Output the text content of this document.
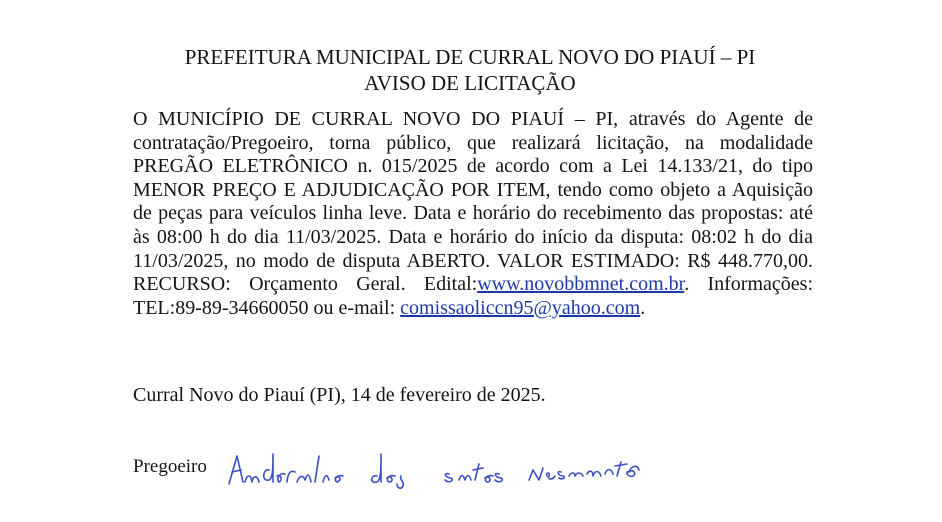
PREFEITURA MUNICIPAL DE CURRAL NOVO DO PIAUÍ – PI
AVISO DE LICITAÇÃO
O MUNICÍPIO DE CURRAL NOVO DO PIAUÍ – PI, através do Agente de
contratação/Pregoeiro, torna público, que realizará licitação, na modalidade
PREGÃO ELETRÔNICO n. 015/2025 de acordo com a Lei 14.133/21, do tipo
MENOR PREÇO E ADJUDICAÇÃO POR ITEM, tendo como objeto a Aquisição
de peças para veículos linha leve. Data e horário do recebimento das propostas: até
às 08:00 h do dia 11/03/2025. Data e horário do início da disputa: 08:02 h do dia
11/03/2025, no modo de disputa ABERTO. VALOR ESTIMADO: R$ 448.770,00.
RECURSO: Orçamento Geral. Edital:www.novobbmnet.com.br. Informações:
TEL:89-89-34660050 ou e-mail: comissaoliccn95@yahoo.com.
Curral Novo do Piauí (PI), 14 de fevereiro de 2025.
Pregoeiro
